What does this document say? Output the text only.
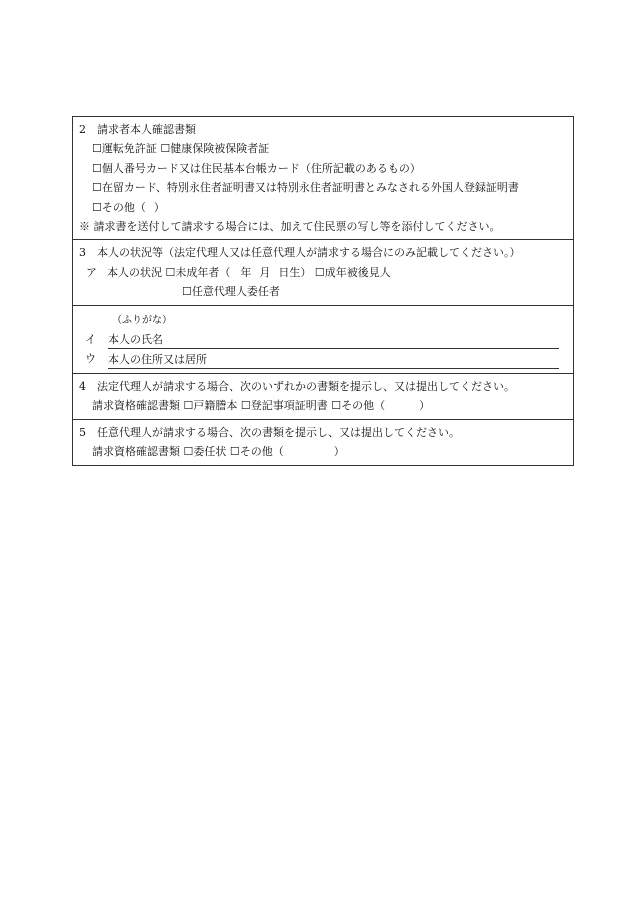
2 請求者本人確認書類
☐ 運転免許証 ☐ 健康保険被保険者証
☐ 個人番号カード又は住民基本台帳カード（住所記載のあるもの）
☐ 在留カード、特別永住者証明書又は特別永住者証明書とみなされる外国人登録証明書
☐ その他（ ）
※ 請求書を送付して請求する場合には、加えて住民票の写し等を添付してください。
3 本人の状況等（法定代理人又は任意代理人が請求する場合にのみ記載してください。）
ア 本人の状況 ☐ 未成年者（ 年 月 日生） ☐ 成年被後見人
☐ 任意代理人委任者
（ふりがな）
イ	本人の氏名
ウ	本人の住所又は居所
4 法定代理人が請求する場合、次のいずれかの書類を提示し、又は提出してください。
請求資格確認書類 ☐ 戸籍謄本 ☐ 登記事項証明書 ☐ その他（	）
5 任意代理人が請求する場合、次の書類を提示し、又は提出してください。
請求資格確認書類 ☐ 委任状 ☐ その他（	）
